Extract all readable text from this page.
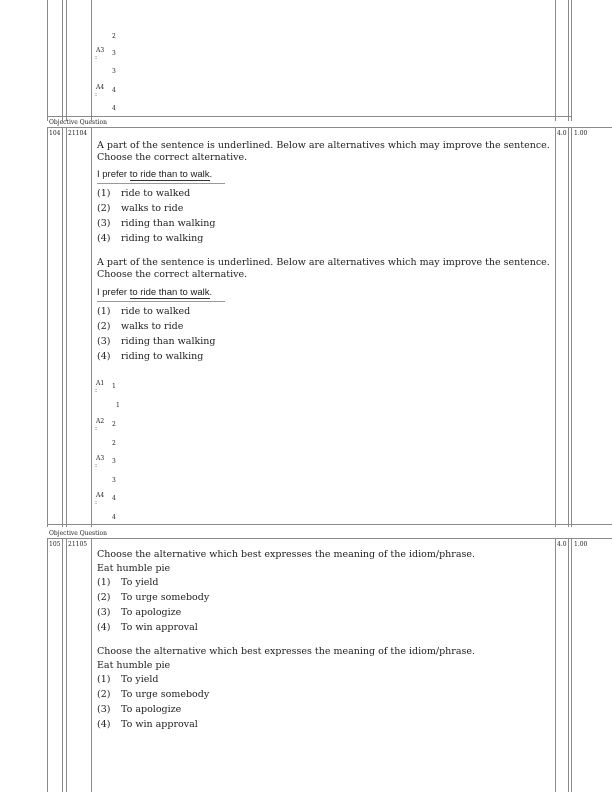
2
A3
:
3
3
A4
:
4
4
Objective Question
104 21104	4.0 1.00
A part of the sentence is underlined. Below are alternatives which may improve the sentence. Choose the correct alternative.
I prefer to ride than to walk.
(1) ride to walked
(2) walks to ride
(3) riding than walking
(4) riding to walking
A part of the sentence is underlined. Below are alternatives which may improve the sentence. Choose the correct alternative.
I prefer to ride than to walk.
(1) ride to walked
(2) walks to ride
(3) riding than walking
(4) riding to walking
A1
:
1
1
A2
:
2
2
A3
:
3
3
A4
:
4
4
Objective Question
105 21105	4.0 1.00
Choose the alternative which best expresses the meaning of the idiom/phrase.
Eat humble pie
(1) To yield
(2) To urge somebody
(3) To apologize
(4) To win approval
Choose the alternative which best expresses the meaning of the idiom/phrase.
Eat humble pie
(1) To yield
(2) To urge somebody
(3) To apologize
(4) To win approval
